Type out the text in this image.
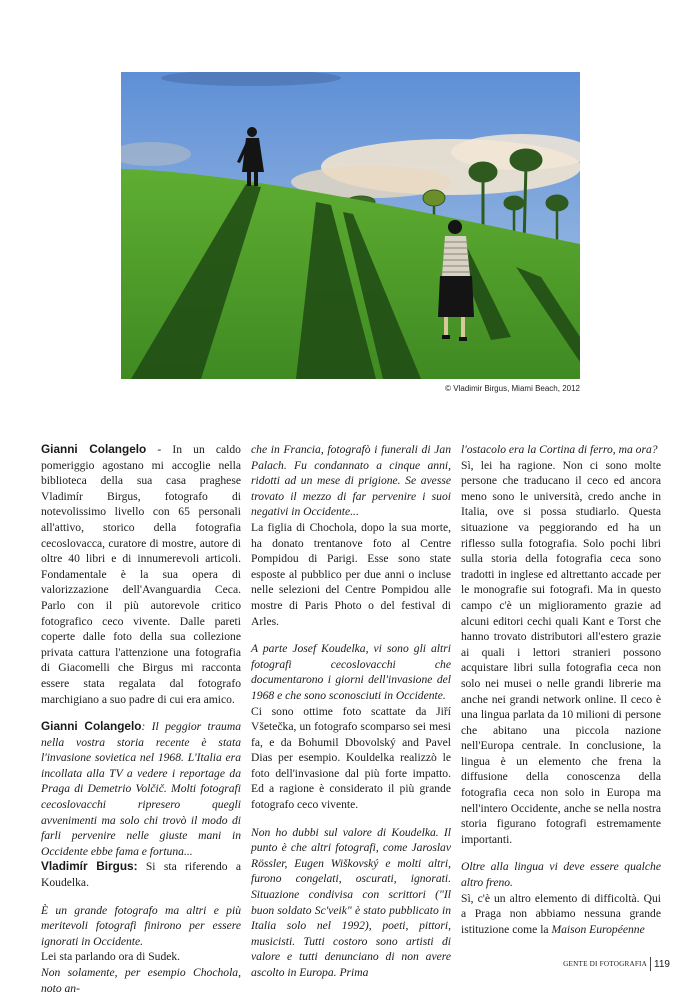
© Vladimir Birgus, Miami Beach, 2012

Gianni Colangelo - In un caldo pomeriggio agostano mi accoglie nella biblioteca della sua casa praghese Vladimír Birgus, fotografo di notevolissimo livello con 65 personali all'attivo, storico della fotografia cecoslovacca, curatore di mostre, autore di oltre 40 libri e di innumerevoli articoli. Fondamentale è la sua opera di valorizzazione dell'Avanguardia Ceca. Parlo con il più autorevole critico fotografico ceco vivente. Dalle pareti coperte dalle foto della sua collezione privata cattura l'attenzione una fotografia di Giacomelli che Birgus mi racconta essere stata regalata dal fotografo marchigiano a suo padre di cui era amico.

Gianni Colangelo: Il peggior trauma nella vostra storia recente è stata l'invasione sovietica nel 1968. L'Italia era incollata alla TV a vedere i reportage da Praga di Demetrio Volčič. Molti fotografi cecoslovacchi ripresero quegli avvenimenti ma solo chi trovò il modo di farli pervenire nelle giuste mani in Occidente ebbe fama e fortuna...

Vladimír Birgus: Si sta riferendo a Koudelka.

È un grande fotografo ma altri e più meritevoli fotografi finirono per essere ignorati in Occidente.

Lei sta parlando ora di Sudek.

Non solamente, per esempio Chochola, noto an-

che in Francia, fotografò i funerali di Jan Palach. Fu condannato a cinque anni, ridotti ad un mese di prigione. Se avesse trovato il mezzo di far pervenire i suoi negativi in Occidente...

La figlia di Chochola, dopo la sua morte, ha donato trentanove foto al Centre Pompidou di Parigi. Esse sono state esposte al pubblico per due anni o incluse nelle selezioni del Centre Pompidou alle mostre di Paris Photo o del festival di Arles.

A parte Josef Koudelka, vi sono gli altri fotografi cecoslovacchi che documentarono i giorni dell'invasione del 1968 e che sono sconosciuti in Occidente.

Ci sono ottime foto scattate da Jiří Všetečka, un fotografo scomparso sei mesi fa, e da Bohumil Dbovolský and Pavel Dias per esempio. Kouldelka realizzò le foto dell'invasione dal più forte impatto. Ed a ragione è considerato il più grande fotografo ceco vivente.

Non ho dubbi sul valore di Koudelka. Il punto è che altri fotografi, come Jaroslav Rössler, Eugen Wiškovský e molti altri, furono congelati, oscurati, ignorati. Situazione condivisa con scrittori ("Il buon soldato Sc'veik" è stato pubblicato in Italia solo nel 1992), poeti, pittori, musicisti. Tutti costoro sono artisti di valore e tutti denunciano di non avere ascolto in Europa. Prima

l'ostacolo era la Cortina di ferro, ma ora?

Sì, lei ha ragione. Non ci sono molte persone che traducano il ceco ed ancora meno sono le università, credo anche in Italia, ove si possa studiarlo. Questa situazione va peggiorando ed ha un riflesso sulla fotografia. Solo pochi libri sulla storia della fotografia ceca sono tradotti in inglese ed altrettanto accade per le monografie sui fotografi. Ma in questo campo c'è un miglioramento grazie ad alcuni editori cechi quali Kant e Torst che hanno trovato distributori all'estero grazie ai quali i lettori stranieri possono acquistare libri sulla fotografia ceca non solo nei musei o nelle grandi librerie ma anche nei grandi network online. Il ceco è una lingua parlata da 10 milioni di persone che abitano una piccola nazione nell'Europa centrale. In conclusione, la lingua è un elemento che frena la diffusione della conoscenza della fotografia ceca non solo in Europa ma nell'intero Occidente, anche se nella nostra storia figurano fotografi estremamente importanti.

Oltre alla lingua vi deve essere qualche altro freno.

Sì, c'è un altro elemento di difficoltà. Qui a Praga non abbiamo nessuna grande istituzione come la Maison Européenne

GENTE DI FOTOGRAFIA 119
